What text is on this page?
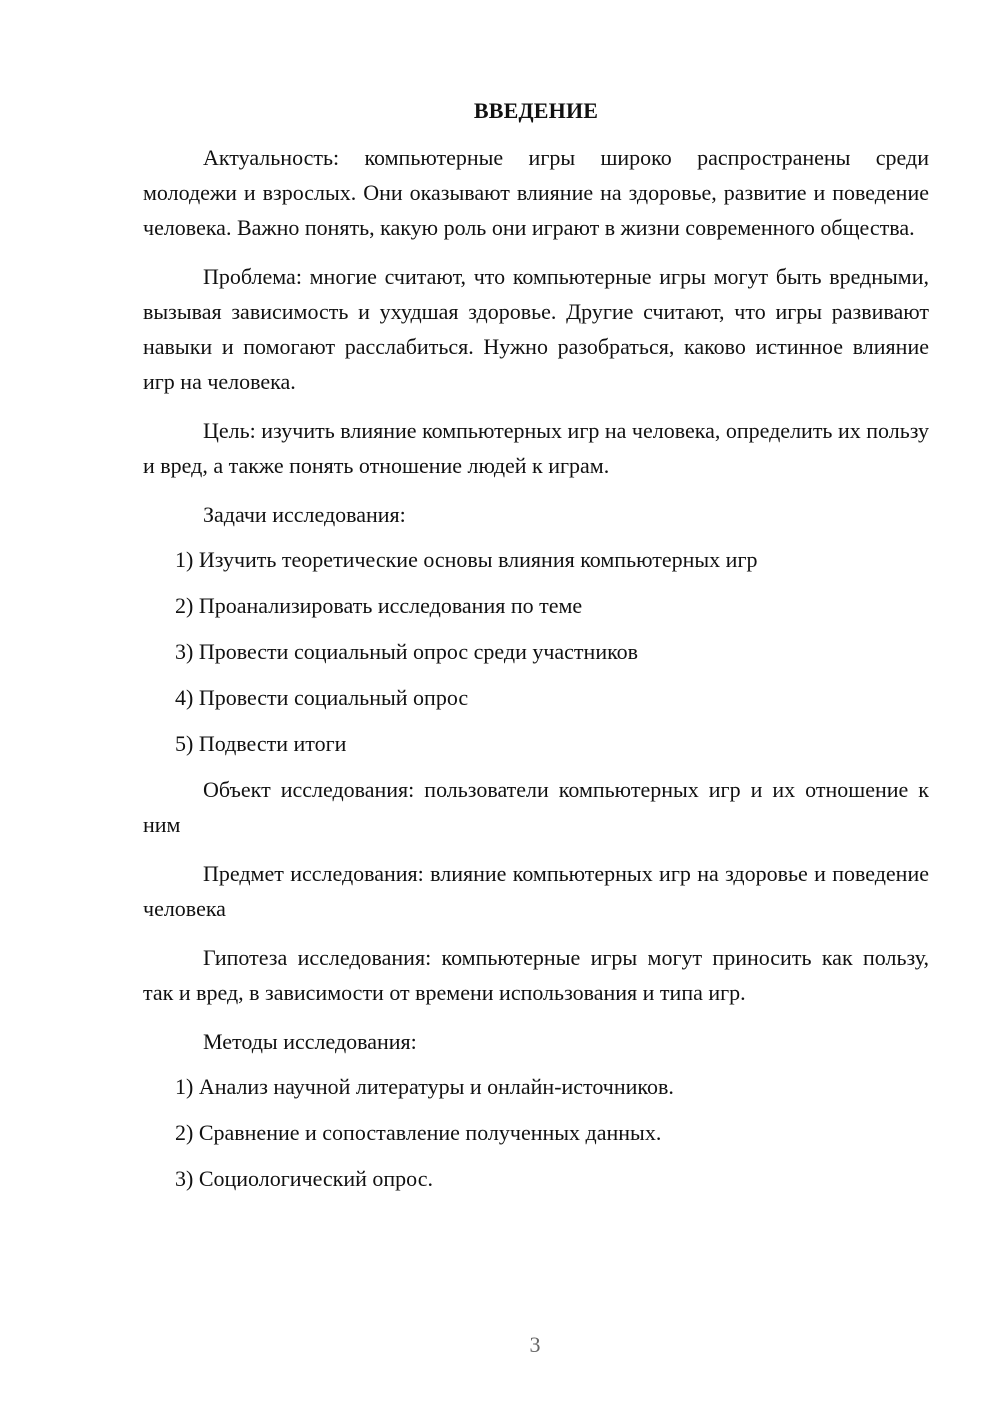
ВВЕДЕНИЕ

Актуальность: компьютерные игры широко распространены среди молодежи и взрослых. Они оказывают влияние на здоровье, развитие и поведение человека. Важно понять, какую роль они играют в жизни современного общества.

Проблема: многие считают, что компьютерные игры могут быть вредными, вызывая зависимость и ухудшая здоровье. Другие считают, что игры развивают навыки и помогают расслабиться. Нужно разобраться, каково истинное влияние игр на человека.

Цель: изучить влияние компьютерных игр на человека, определить их пользу и вред, а также понять отношение людей к играм.

Задачи исследования:

1) Изучить теоретические основы влияния компьютерных игр
2) Проанализировать исследования по теме
3) Провести социальный опрос среди участников
4) Провести социальный опрос
5) Подвести итоги

Объект исследования: пользователи компьютерных игр и их отношение к ним

Предмет исследования: влияние компьютерных игр на здоровье и поведение человека

Гипотеза исследования: компьютерные игры могут приносить как пользу, так и вред, в зависимости от времени использования и типа игр.

Методы исследования:

1) Анализ научной литературы и онлайн-источников.
2) Сравнение и сопоставление полученных данных.
3) Социологический опрос.
3
